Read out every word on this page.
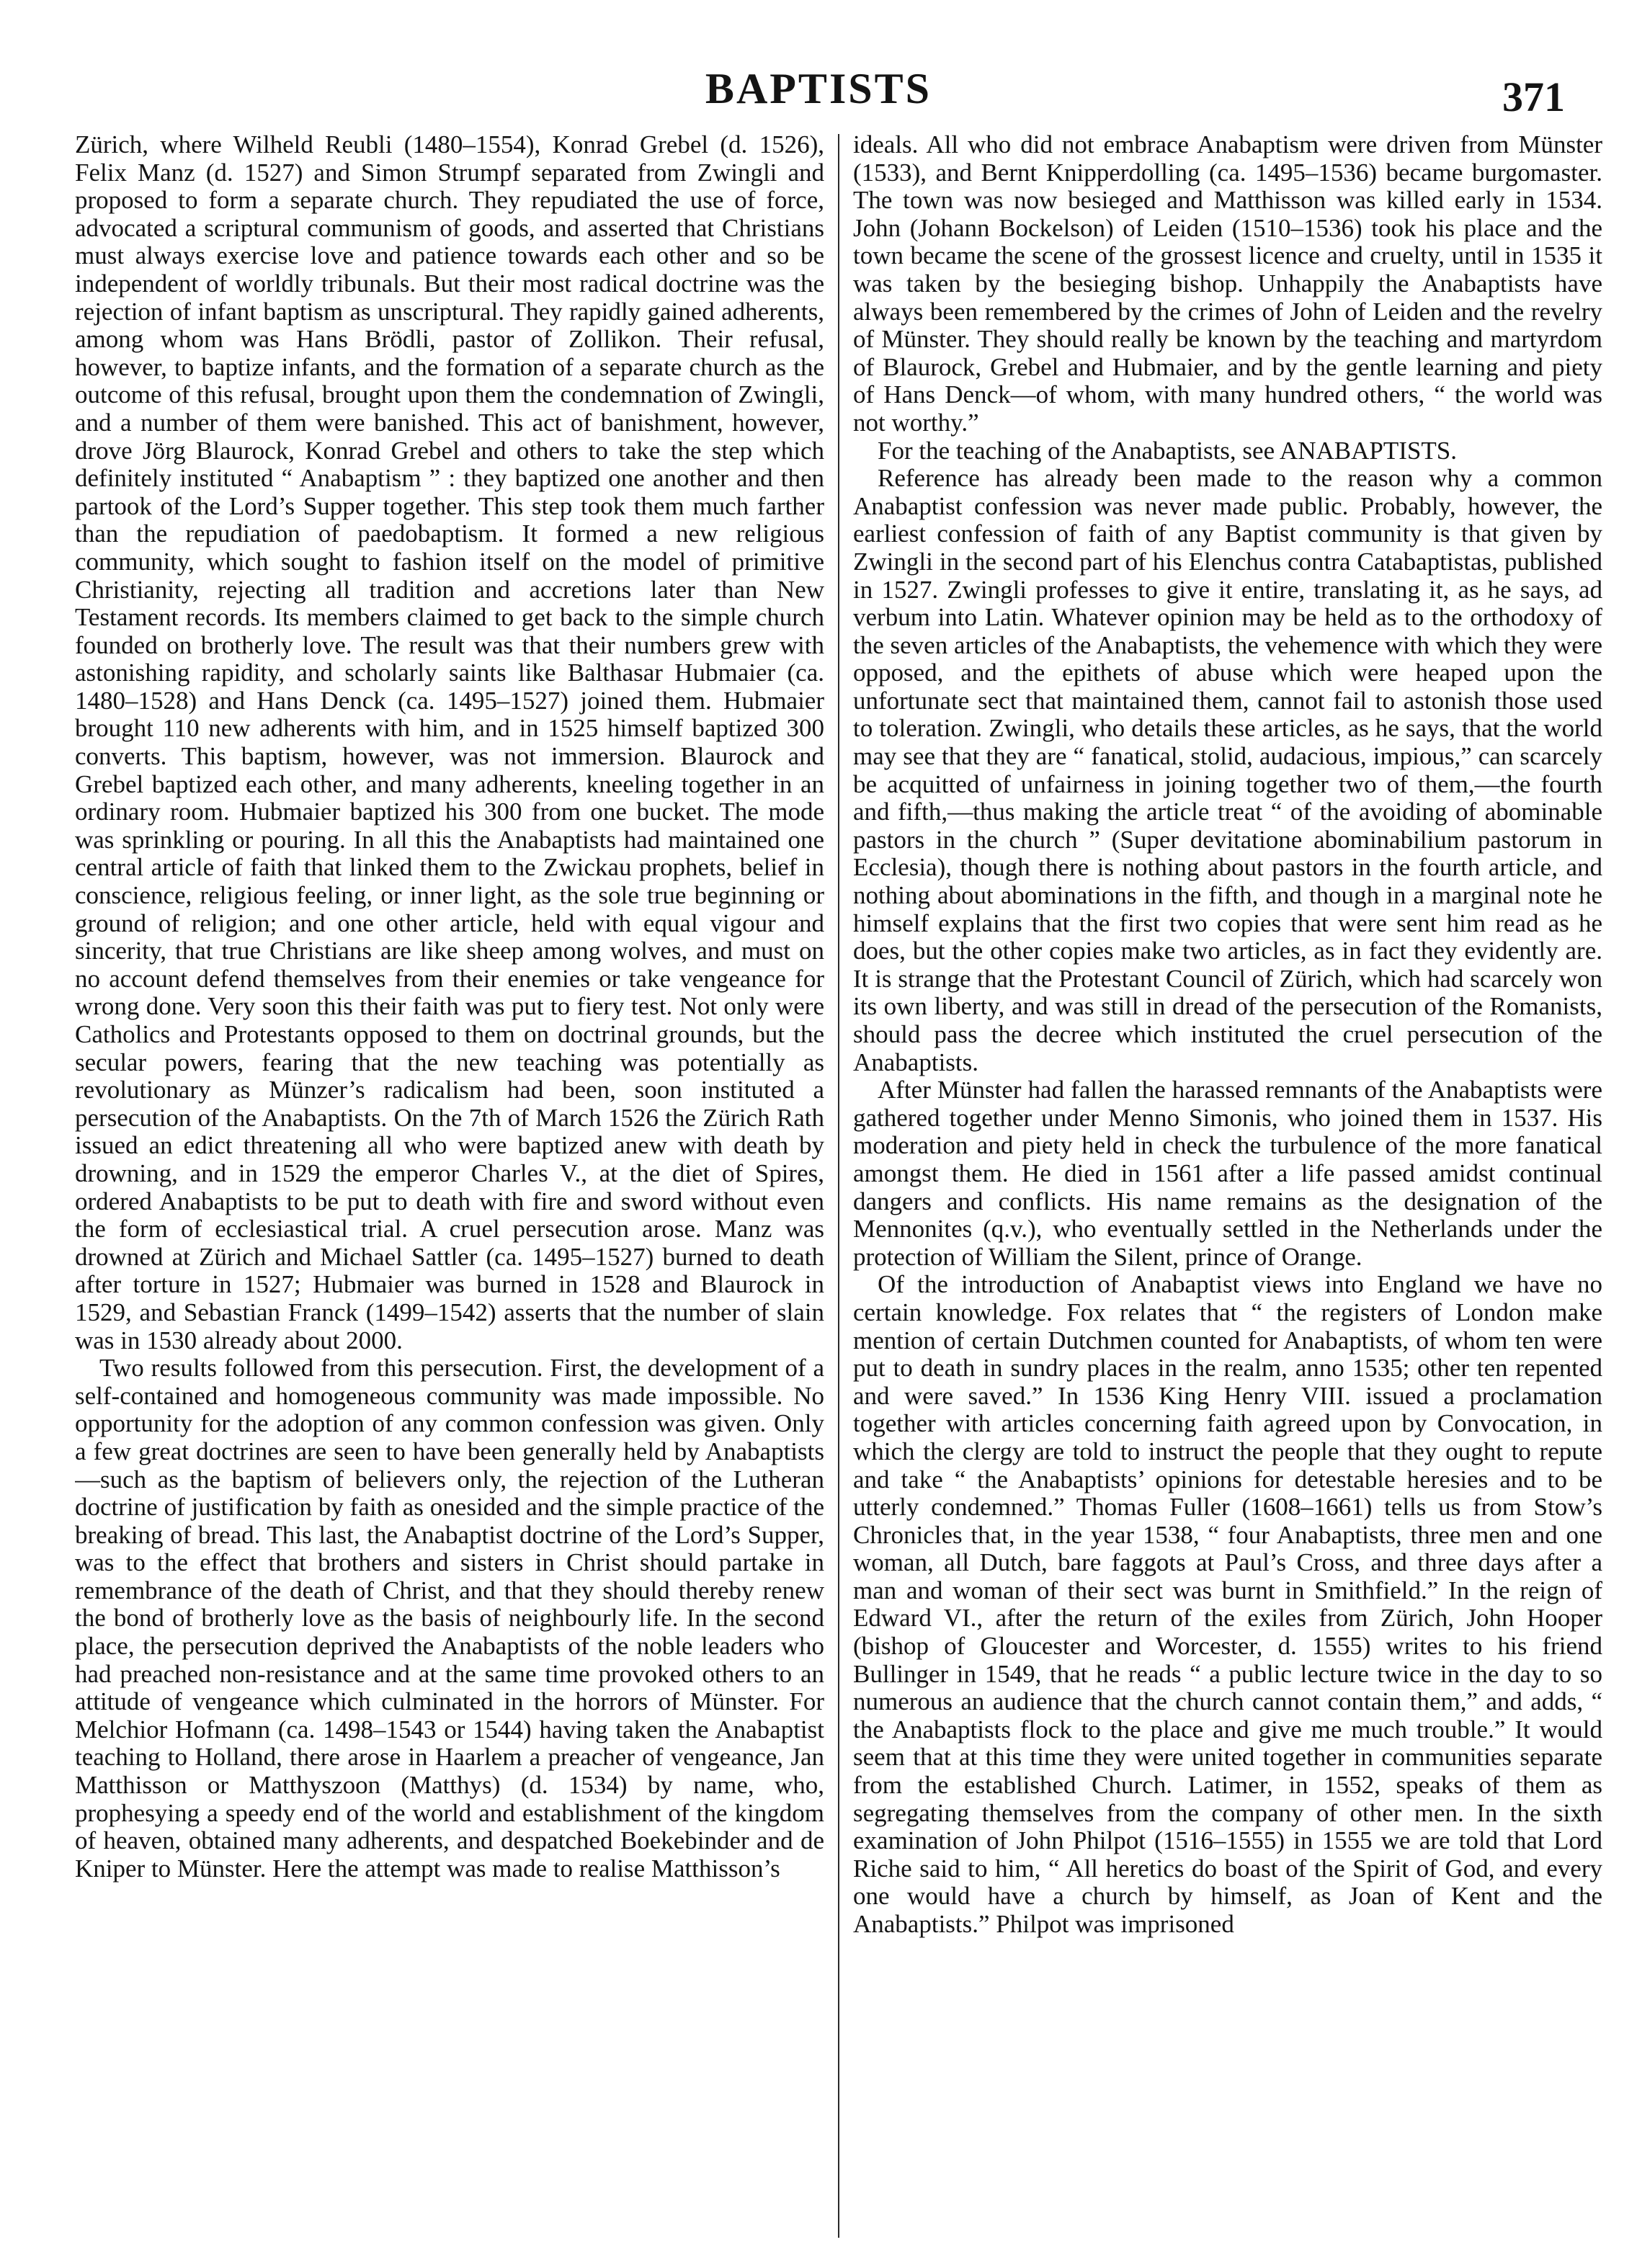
BAPTISTS	371

Zürich, where Wilheld Reubli (1480–1554), Konrad Grebel (d. 1526), Felix Manz (d. 1527) and Simon Strumpf separated from Zwingli and proposed to form a separate church. They repudiated the use of force, advocated a scriptural communism of goods, and asserted that Christians must always exercise love and patience towards each other and so be independent of worldly tribunals. But their most radical doctrine was the rejection of infant baptism as unscriptural. They rapidly gained adherents, among whom was Hans Brödli, pastor of Zollikon. Their refusal, however, to baptize infants, and the formation of a separate church as the outcome of this refusal, brought upon them the condemnation of Zwingli, and a number of them were banished. This act of banishment, however, drove Jörg Blaurock, Konrad Grebel and others to take the step which definitely instituted “ Anabaptism ” : they baptized one another and then partook of the Lord’s Supper together. This step took them much farther than the repudiation of paedobaptism. It formed a new religious community, which sought to fashion itself on the model of primitive Christianity, rejecting all tradition and accretions later than New Testament records. Its members claimed to get back to the simple church founded on brotherly love. The result was that their numbers grew with astonishing rapidity, and scholarly saints like Balthasar Hubmaier (ca. 1480–1528) and Hans Denck (ca. 1495–1527) joined them. Hubmaier brought 110 new adherents with him, and in 1525 himself baptized 300 converts. This baptism, however, was not immersion. Blaurock and Grebel baptized each other, and many adherents, kneeling together in an ordinary room. Hubmaier baptized his 300 from one bucket. The mode was sprinkling or pouring. In all this the Anabaptists had maintained one central article of faith that linked them to the Zwickau prophets, belief in conscience, religious feeling, or inner light, as the sole true beginning or ground of religion; and one other article, held with equal vigour and sincerity, that true Christians are like sheep among wolves, and must on no account defend themselves from their enemies or take vengeance for wrong done. Very soon this their faith was put to fiery test. Not only were Catholics and Protestants opposed to them on doctrinal grounds, but the secular powers, fearing that the new teaching was potentially as revolutionary as Münzer’s radicalism had been, soon instituted a persecution of the Anabaptists. On the 7th of March 1526 the Zürich Rath issued an edict threatening all who were baptized anew with death by drowning, and in 1529 the emperor Charles V., at the diet of Spires, ordered Anabaptists to be put to death with fire and sword without even the form of ecclesiastical trial. A cruel persecution arose. Manz was drowned at Zürich and Michael Sattler (ca. 1495–1527) burned to death after torture in 1527; Hubmaier was burned in 1528 and Blaurock in 1529, and Sebastian Franck (1499–1542) asserts that the number of slain was in 1530 already about 2000.

Two results followed from this persecution. First, the development of a self-contained and homogeneous community was made impossible. No opportunity for the adoption of any common confession was given. Only a few great doctrines are seen to have been generally held by Anabaptists—such as the baptism of believers only, the rejection of the Lutheran doctrine of justification by faith as onesided and the simple practice of the breaking of bread. This last, the Anabaptist doctrine of the Lord’s Supper, was to the effect that brothers and sisters in Christ should partake in remembrance of the death of Christ, and that they should thereby renew the bond of brotherly love as the basis of neighbourly life. In the second place, the persecution deprived the Anabaptists of the noble leaders who had preached non-resistance and at the same time provoked others to an attitude of vengeance which culminated in the horrors of Münster. For Melchior Hofmann (ca. 1498–1543 or 1544) having taken the Anabaptist teaching to Holland, there arose in Haarlem a preacher of vengeance, Jan Matthisson or Matthyszoon (Matthys) (d. 1534) by name, who, prophesying a speedy end of the world and establishment of the kingdom of heaven, obtained many adherents, and despatched Boekebinder and de Kniper to Münster. Here the attempt was made to realise Matthisson’s

ideals. All who did not embrace Anabaptism were driven from Münster (1533), and Bernt Knipperdolling (ca. 1495–1536) became burgomaster. The town was now besieged and Matthisson was killed early in 1534. John (Johann Bockelson) of Leiden (1510–1536) took his place and the town became the scene of the grossest licence and cruelty, until in 1535 it was taken by the besieging bishop. Unhappily the Anabaptists have always been remembered by the crimes of John of Leiden and the revelry of Münster. They should really be known by the teaching and martyrdom of Blaurock, Grebel and Hubmaier, and by the gentle learning and piety of Hans Denck—of whom, with many hundred others, “ the world was not worthy.”

For the teaching of the Anabaptists, see ANABAPTISTS.

Reference has already been made to the reason why a common Anabaptist confession was never made public. Probably, however, the earliest confession of faith of any Baptist community is that given by Zwingli in the second part of his Elenchus contra Catabaptistas, published in 1527. Zwingli professes to give it entire, translating it, as he says, ad verbum into Latin. Whatever opinion may be held as to the orthodoxy of the seven articles of the Anabaptists, the vehemence with which they were opposed, and the epithets of abuse which were heaped upon the unfortunate sect that maintained them, cannot fail to astonish those used to toleration. Zwingli, who details these articles, as he says, that the world may see that they are “ fanatical, stolid, audacious, impious,” can scarcely be acquitted of unfairness in joining together two of them,—the fourth and fifth,—thus making the article treat “ of the avoiding of abominable pastors in the church ” (Super devitatione abominabilium pastorum in Ecclesia), though there is nothing about pastors in the fourth article, and nothing about abominations in the fifth, and though in a marginal note he himself explains that the first two copies that were sent him read as he does, but the other copies make two articles, as in fact they evidently are. It is strange that the Protestant Council of Zürich, which had scarcely won its own liberty, and was still in dread of the persecution of the Romanists, should pass the decree which instituted the cruel persecution of the Anabaptists.

After Münster had fallen the harassed remnants of the Anabaptists were gathered together under Menno Simonis, who joined them in 1537. His moderation and piety held in check the turbulence of the more fanatical amongst them. He died in 1561 after a life passed amidst continual dangers and conflicts. His name remains as the designation of the Mennonites (q.v.), who eventually settled in the Netherlands under the protection of William the Silent, prince of Orange.

Of the introduction of Anabaptist views into England we have no certain knowledge. Fox relates that “ the registers of London make mention of certain Dutchmen counted for Anabaptists, of whom ten were put to death in sundry places in the realm, anno 1535; other ten repented and were saved.” In 1536 King Henry VIII. issued a proclamation together with articles concerning faith agreed upon by Convocation, in which the clergy are told to instruct the people that they ought to repute and take “ the Anabaptists’ opinions for detestable heresies and to be utterly condemned.” Thomas Fuller (1608–1661) tells us from Stow’s Chronicles that, in the year 1538, “ four Anabaptists, three men and one woman, all Dutch, bare faggots at Paul’s Cross, and three days after a man and woman of their sect was burnt in Smithfield.” In the reign of Edward VI., after the return of the exiles from Zürich, John Hooper (bishop of Gloucester and Worcester, d. 1555) writes to his friend Bullinger in 1549, that he reads “ a public lecture twice in the day to so numerous an audience that the church cannot contain them,” and adds, “ the Anabaptists flock to the place and give me much trouble.” It would seem that at this time they were united together in communities separate from the established Church. Latimer, in 1552, speaks of them as segregating themselves from the company of other men. In the sixth examination of John Philpot (1516–1555) in 1555 we are told that Lord Riche said to him, “ All heretics do boast of the Spirit of God, and every one would have a church by himself, as Joan of Kent and the Anabaptists.” Philpot was imprisoned
